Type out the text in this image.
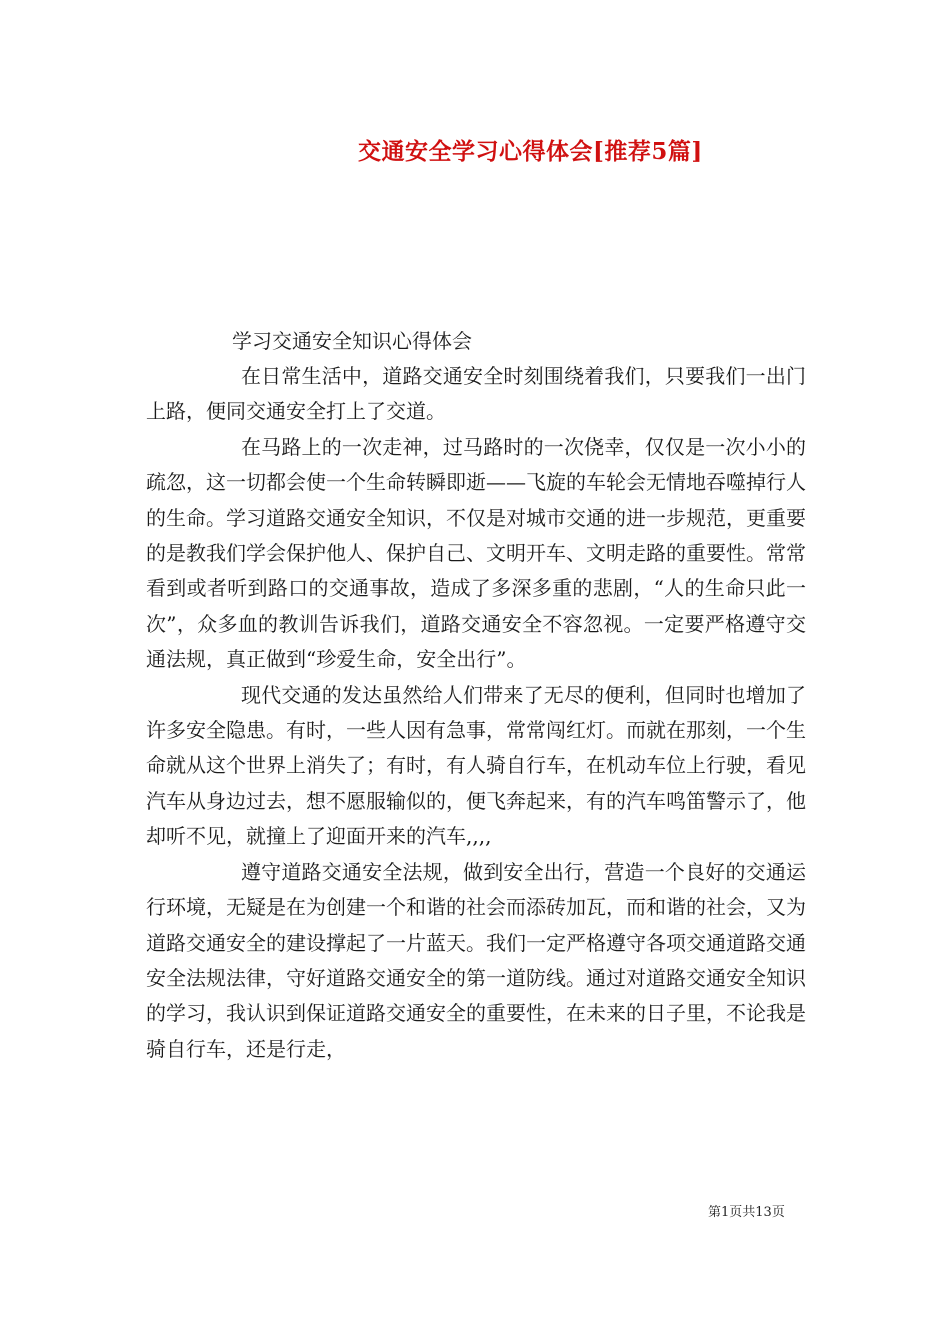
交通安全学习心得体会[推荐5篇]

学习交通安全知识心得体会

在日常生活中，道路交通安全时刻围绕着我们，只要我们一出门上路，便同交通安全打上了交道。

在马路上的一次走神，过马路时的一次侥幸，仅仅是一次小小的疏忽，这一切都会使一个生命转瞬即逝——飞旋的车轮会无情地吞噬掉行人的生命。学习道路交通安全知识，不仅是对城市交通的进一步规范，更重要的是教我们学会保护他人、保护自己、文明开车、文明走路的重要性。常常看到或者听到路口的交通事故，造成了多深多重的悲剧，“人的生命只此一次”，众多血的教训告诉我们，道路交通安全不容忽视。一定要严格遵守交通法规，真正做到“珍爱生命，安全出行”。

现代交通的发达虽然给人们带来了无尽的便利，但同时也增加了许多安全隐患。有时，一些人因有急事，常常闯红灯。而就在那刻，一个生命就从这个世界上消失了；有时，有人骑自行车，在机动车位上行驶，看见汽车从身边过去，想不愿服输似的，便飞奔起来，有的汽车鸣笛警示了，他却听不见，就撞上了迎面开来的汽车,,,,

遵守道路交通安全法规，做到安全出行，营造一个良好的交通运行环境，无疑是在为创建一个和谐的社会而添砖加瓦，而和谐的社会，又为道路交通安全的建设撑起了一片蓝天。我们一定严格遵守各项交通道路交通安全法规法律，守好道路交通安全的第一道防线。通过对道路交通安全知识的学习，我认识到保证道路交通安全的重要性，在未来的日子里，不论我是骑自行车，还是行走，

第1页共13页
